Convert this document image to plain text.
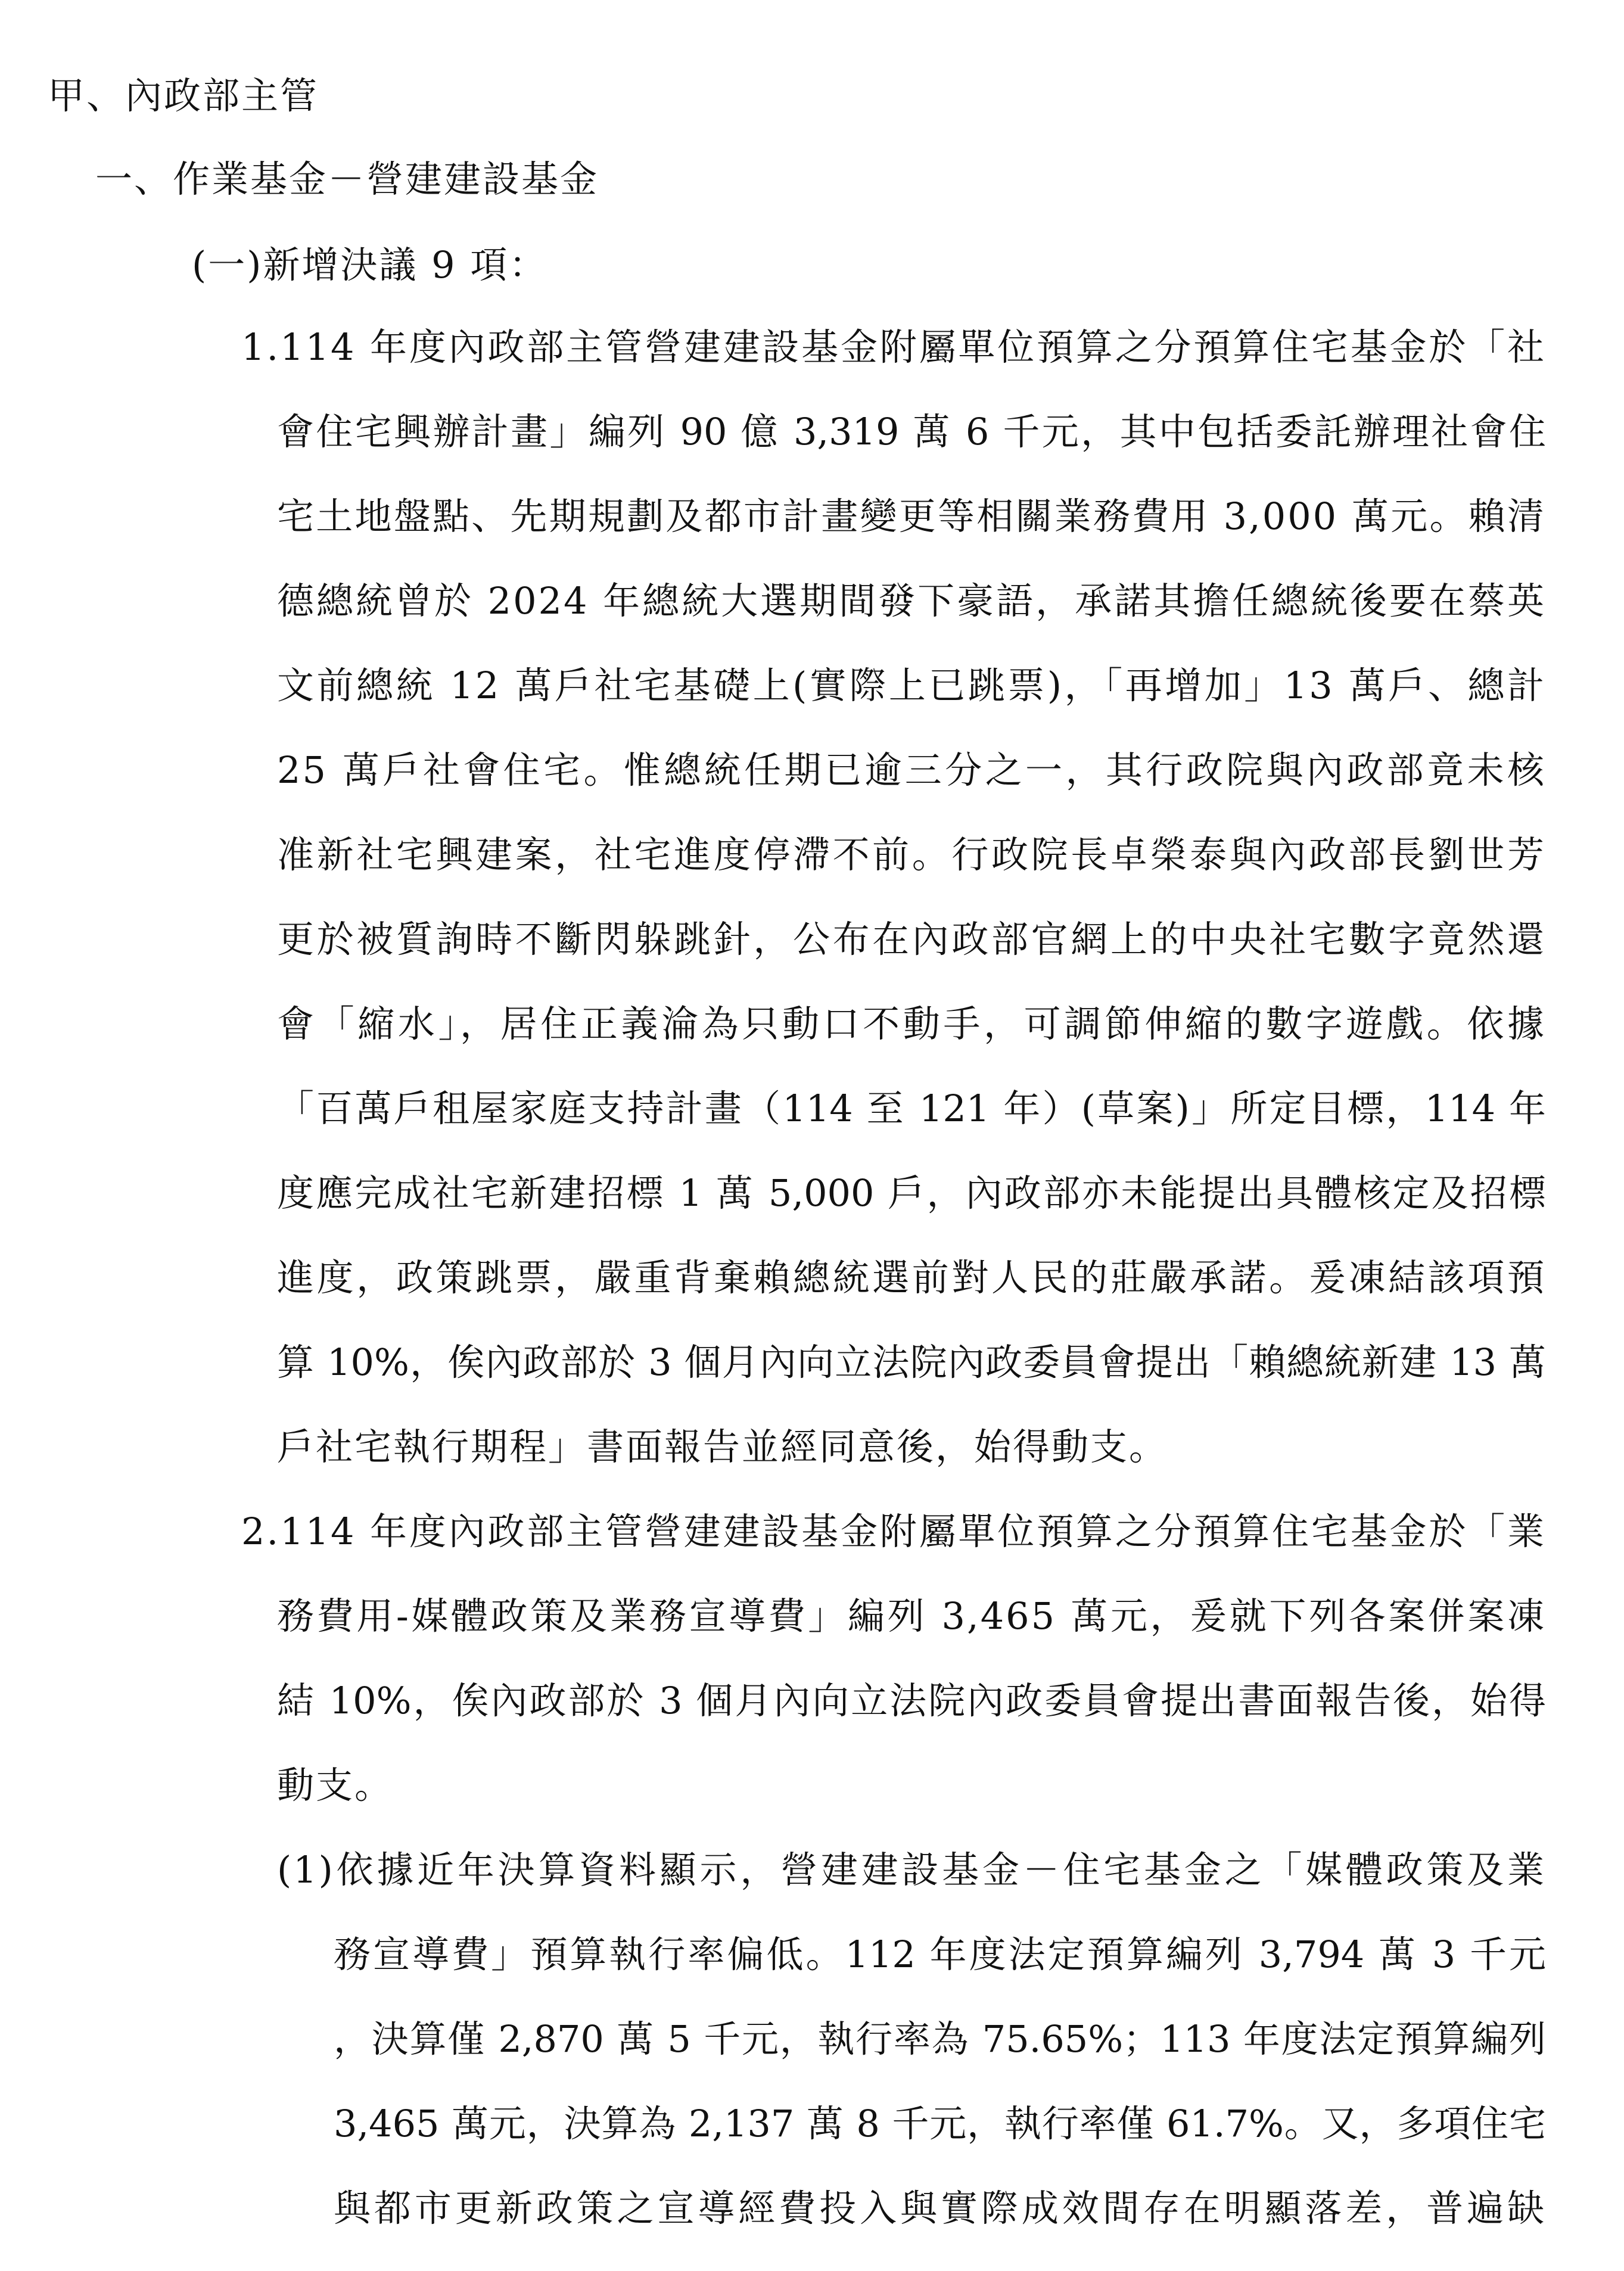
甲、內政部主管
一、作業基金－營建建設基金
(一)新增決議 9 項：
1.114 年度內政部主管營建建設基金附屬單位預算之分預算住宅基金於「社
會住宅興辦計畫」編列 90 億 3,319 萬 6 千元，其中包括委託辦理社會住
宅土地盤點、先期規劃及都市計畫變更等相關業務費用 3,000 萬元。賴清
德總統曾於 2024 年總統大選期間發下豪語，承諾其擔任總統後要在蔡英
文前總統 12 萬戶社宅基礎上(實際上已跳票)，「再增加」13 萬戶、總計
25 萬戶社會住宅。惟總統任期已逾三分之一，其行政院與內政部竟未核
准新社宅興建案，社宅進度停滯不前。行政院長卓榮泰與內政部長劉世芳
更於被質詢時不斷閃躲跳針，公布在內政部官網上的中央社宅數字竟然還
會「縮水」，居住正義淪為只動口不動手，可調節伸縮的數字遊戲。依據
「百萬戶租屋家庭支持計畫（114 至 121 年）(草案)」所定目標，114 年
度應完成社宅新建招標 1 萬 5,000 戶，內政部亦未能提出具體核定及招標
進度，政策跳票，嚴重背棄賴總統選前對人民的莊嚴承諾。爰凍結該項預
算 10%，俟內政部於 3 個月內向立法院內政委員會提出「賴總統新建 13 萬
戶社宅執行期程」書面報告並經同意後，始得動支。
2.114 年度內政部主管營建建設基金附屬單位預算之分預算住宅基金於「業
務費用-媒體政策及業務宣導費」編列 3,465 萬元，爰就下列各案併案凍
結 10%，俟內政部於 3 個月內向立法院內政委員會提出書面報告後，始得
動支。
(1)依據近年決算資料顯示，營建建設基金－住宅基金之「媒體政策及業
務宣導費」預算執行率偏低。112 年度法定預算編列 3,794 萬 3 千元
，決算僅 2,870 萬 5 千元，執行率為 75.65%；113 年度法定預算編列
3,465 萬元，決算為 2,137 萬 8 千元，執行率僅 61.7%。又，多項住宅
與都市更新政策之宣導經費投入與實際成效間存在明顯落差，普遍缺
